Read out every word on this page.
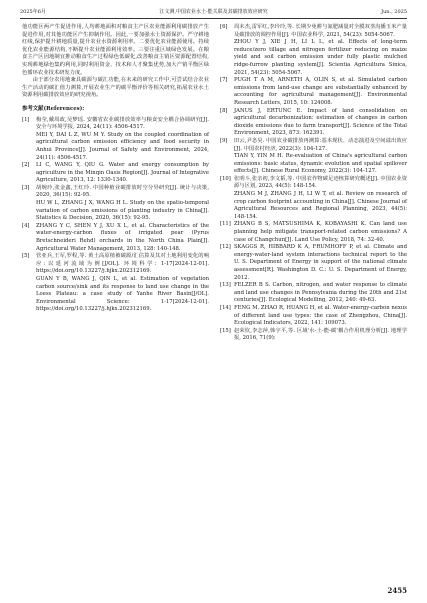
2025年6月	江文测,中国农业水土-能关联及其碳排放效应研究	Jun., 2025

他功能区两产生促进作用,人均耕地面积对粮食主产区农业能源利用碳排放产生促进作用,对其他功能区产生抑制作用。因此,一要加强水土资源保护。严守耕地红线,保护提升耕地质量,提升农业水资源利用率。二要优化农业能源使用。持续优化农业能源结构,不断提升农业能源利用效率。三要注重区域绿色发展。在粮食主产区因地制宜推动粮食生产过程绿色低碳化,改善粮食主销区资源配置结构,实现耕地绿色集约利用,同时利用资金、技术和人才聚集优势,加大产销平衡区绿色循环农业技术研发力度。

由于部分农用地兼具碳源与碳汇功能,在未来的研究工作中,可尝试结合农业生产活动的碳汇值力测算,开展农业生产的碳平衡评价等相关研究,拓展农业水土资源利用碳排放效应的研究视角。

参考文献(References):
[1]	梅莹,戴周政,吴梦瑶. 安徽省农业碳排放效率与粮食安全耦合协调研究[J]. 安全与环境学报, 2024, 24(11): 4506-4517.

MEI Y, DAI L Z, WU M Y. Study on the coupled coordination of agricultural carbon emission efficiency and food security in Anhui Province[J]. Journal of Safety and Environment, 2024, 24(11): 4506-4517.

[2]	LI C, WANG Y, QIU G. Water and energy consumption by agriculture in the Minqin Oasis Region[J]. Journal of Integrative Agriculture, 2013, 12: 1330-1340.

[3]	胡婉玲,张金鑫,王红玲. 中国种植业碳排放时空分异研究[J]. 统计与决策, 2020, 36(15): 92-95.

HU W L, ZHANG J X, WANG H L. Study on the spatio-temporal variation of carbon emissions of planting industry in China[J]. Statistics & Decision, 2020, 36(15): 92-95.

[4]	ZHANG Y C, SHEN Y J, XU X L, et al. Characteristics of the water-energy-carbon fluxes of irrigated pear (Pyrus Bretschneideri Rehd) orchards in the North China Plain[J]. Agricultural Water Management, 2013, 128: 140-148.

[5]	管亚兵,王军,罗程,等. 黄土高原植被碳源/汇估算及其对土地利用变化的响应:以延河流域为例[J/OL]. 环境科学: 1-17[2024-12-01]. https://doi.org/10.13227/j.hjkx.202312169.

GUAN Y B, WANG J, QIN L, et al. Estimation of vegetation carbon source/sink and its response to land use change in the Loess Plateau: a case study of Yanhe River Basin[J/OL]. Environmental Science: 1-17[2024-12-01]. https://doi.org/10.13227/j.hjkx.202312169.

[6]	周未杰,雷军红,李玲玲,等. 长期少免耕与氮肥减量对全膜双垄沟播玉米产量及碳排放的调控作用[J]. 中国农业科学, 2021, 54(23): 5054-5067.

ZHOU Y J, XIE J H, LI L L, et al. Effects of long-term reduce/zero tillage and nitrogen fertilizer reducing on maize yield and soil carbon emission under fully plastic mulched ridge-furrow planting system[J]. Scientia Agricultura Sinica, 2021, 54(23): 5054-5067.

[7]	PUGH T A M, ARNETH A, OLIN S, et al. Simulated carbon emissions from land-use change are substantially enhanced by accounting for agricultural management[J]. Environmental Research Letters, 2015, 10: 124008.

[8]	JANUS J, ERTUNC E. Impact of land consolidation on agricultural decarbonization: estimation of changes in carbon dioxide emissions due to farm transport[J]. Science of the Total Environment, 2023, 873: 162391.

[9]	田云,尹忞昊. 中国农业碳排放再测算:基本现状、动态演进及空间溢出效应[J]. 中国农村经济, 2022(3): 104-127.

TIAN Y, YIN M H. Re-evaluation of China's agricultural carbon emissions: basic status, dynamic evolution and spatial spillover effects[J]. Chinese Rural Economy, 2022(3): 104-127.

[10] 张明斗,张亲初,李文韬,等. 中国农作物碳足迹核算研究概述[J]. 中国农业资源与区划, 2023, 44(5): 148-154.

ZHANG M J, ZHANG J H, LI W T, et al. Review on research of crop carbon footprint accounting in China[J]. Chinese Journal of Agricultural Resources and Regional Planning, 2023, 44(5): 148-154.

[11] ZHANG B S, MATSUSHIMA K, KOBAYASHI K. Can land use planning help mitigate transport-related carbon emissions? A case of Changchun[J]. Land Use Policy, 2018, 74: 32-40.

[12] SKAGGS R, HIBBARD K A, FRUMHOFF P, et al. Climate and energy-water-land system interactions technical report to the U. S. Department of Energy in support of the national climate assessment[R]. Washington D. C.: U. S. Department of Energy, 2012.

[13] FELZER B S. Carbon, nitrogen, and water response to climate and land use changes in Pennsylvania during the 20th and 21st centuries[J]. Ecological Modelling, 2012, 240: 49-63.

[14] FENG M, ZHAO R, HUANG H, et al. Water-energy-carbon nexus of different land use types: the case of Zhengzhou, China[J]. Ecological Indicators, 2022, 141: 109073.

[15] 赵荣钦,李志萍,韩宇平,等. 区域'水-土-能-碳'耦合作用机理分析[J]. 地理学报, 2016, 71(9):

2455
